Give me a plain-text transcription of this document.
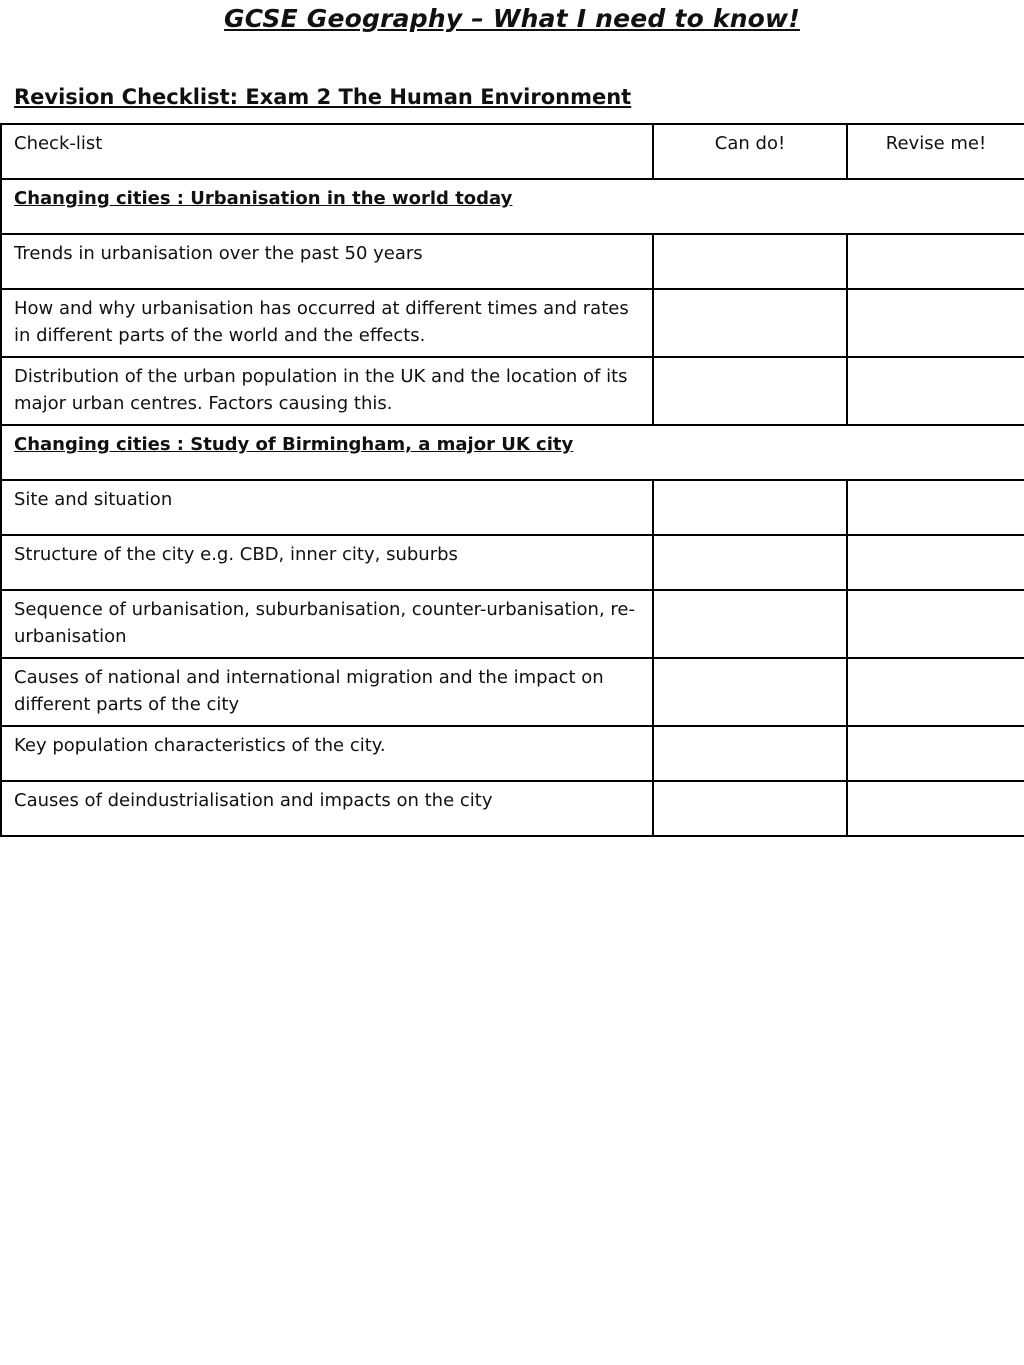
GCSE Geography – What I need to know!
Revision Checklist: Exam 2 The Human Environment
Check-list	Can do!	Revise me!
Changing cities : Urbanisation in the world today		
Trends in urbanisation over the past 50 years		
How and why urbanisation has occurred at different times and rates in different parts of the world and the effects.		
Distribution of the urban population in the UK and the location of its major urban centres. Factors causing this.		
Changing cities : Study of Birmingham, a major UK city		
Site and situation		
Structure of the city e.g. CBD, inner city, suburbs		
Sequence of urbanisation, suburbanisation, counter-urbanisation, re-urbanisation		
Causes of national and international migration and the impact on different parts of the city		
Key population characteristics of the city.		
Causes of deindustrialisation and impacts on the city		
